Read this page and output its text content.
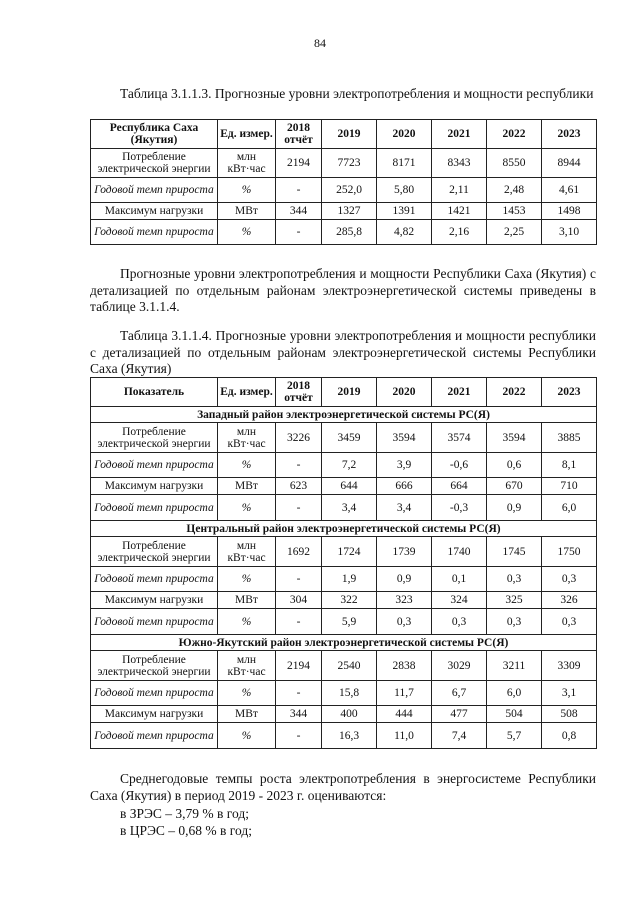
84
Таблица 3.1.1.3. Прогнозные уровни электропотребления и мощности республики
Республика Саха (Якутия)	Ед. измер.	2018 отчёт	2019	2020	2021	2022	2023
Потребление электрической энергии	млн кВт·час	2194	7723	8171	8343	8550	8944
Годовой темп прироста	%	-	252,0	5,80	2,11	2,48	4,61
Максимум нагрузки	МВт	344	1327	1391	1421	1453	1498
Годовой темп прироста	%	-	285,8	4,82	2,16	2,25	3,10
Прогнозные уровни электропотребления и мощности Республики Саха (Якутия) с детализацией по отдельным районам электроэнергетической системы приведены в таблице 3.1.1.4.
Таблица 3.1.1.4. Прогнозные уровни электропотребления и мощности республики с детализацией по отдельным районам электроэнергетической системы Республики Саха (Якутия)
Показатель	Ед. измер.	2018 отчёт	2019	2020	2021	2022	2023
Западный район электроэнергетической системы РС(Я)							
Потребление электрической энергии	млн кВт·час	3226	3459	3594	3574	3594	3885
Годовой темп прироста	%	-	7,2	3,9	-0,6	0,6	8,1
Максимум нагрузки	МВт	623	644	666	664	670	710
Годовой темп прироста	%	-	3,4	3,4	-0,3	0,9	6,0
Центральный район электроэнергетической системы РС(Я)							
Потребление электрической энергии	млн кВт·час	1692	1724	1739	1740	1745	1750
Годовой темп прироста	%	-	1,9	0,9	0,1	0,3	0,3
Максимум нагрузки	МВт	304	322	323	324	325	326
Годовой темп прироста	%	-	5,9	0,3	0,3	0,3	0,3
Южно-Якутский район электроэнергетической системы РС(Я)							
Потребление электрической энергии	млн кВт·час	2194	2540	2838	3029	3211	3309
Годовой темп прироста	%	-	15,8	11,7	6,7	6,0	3,1
Максимум нагрузки	МВт	344	400	444	477	504	508
Годовой темп прироста	%	-	16,3	11,0	7,4	5,7	0,8
Среднегодовые темпы роста электропотребления в энергосистеме Республики Саха (Якутия) в период 2019 - 2023 г. оцениваются:
в ЗРЭС – 3,79 % в год;
в ЦРЭС – 0,68 % в год;
